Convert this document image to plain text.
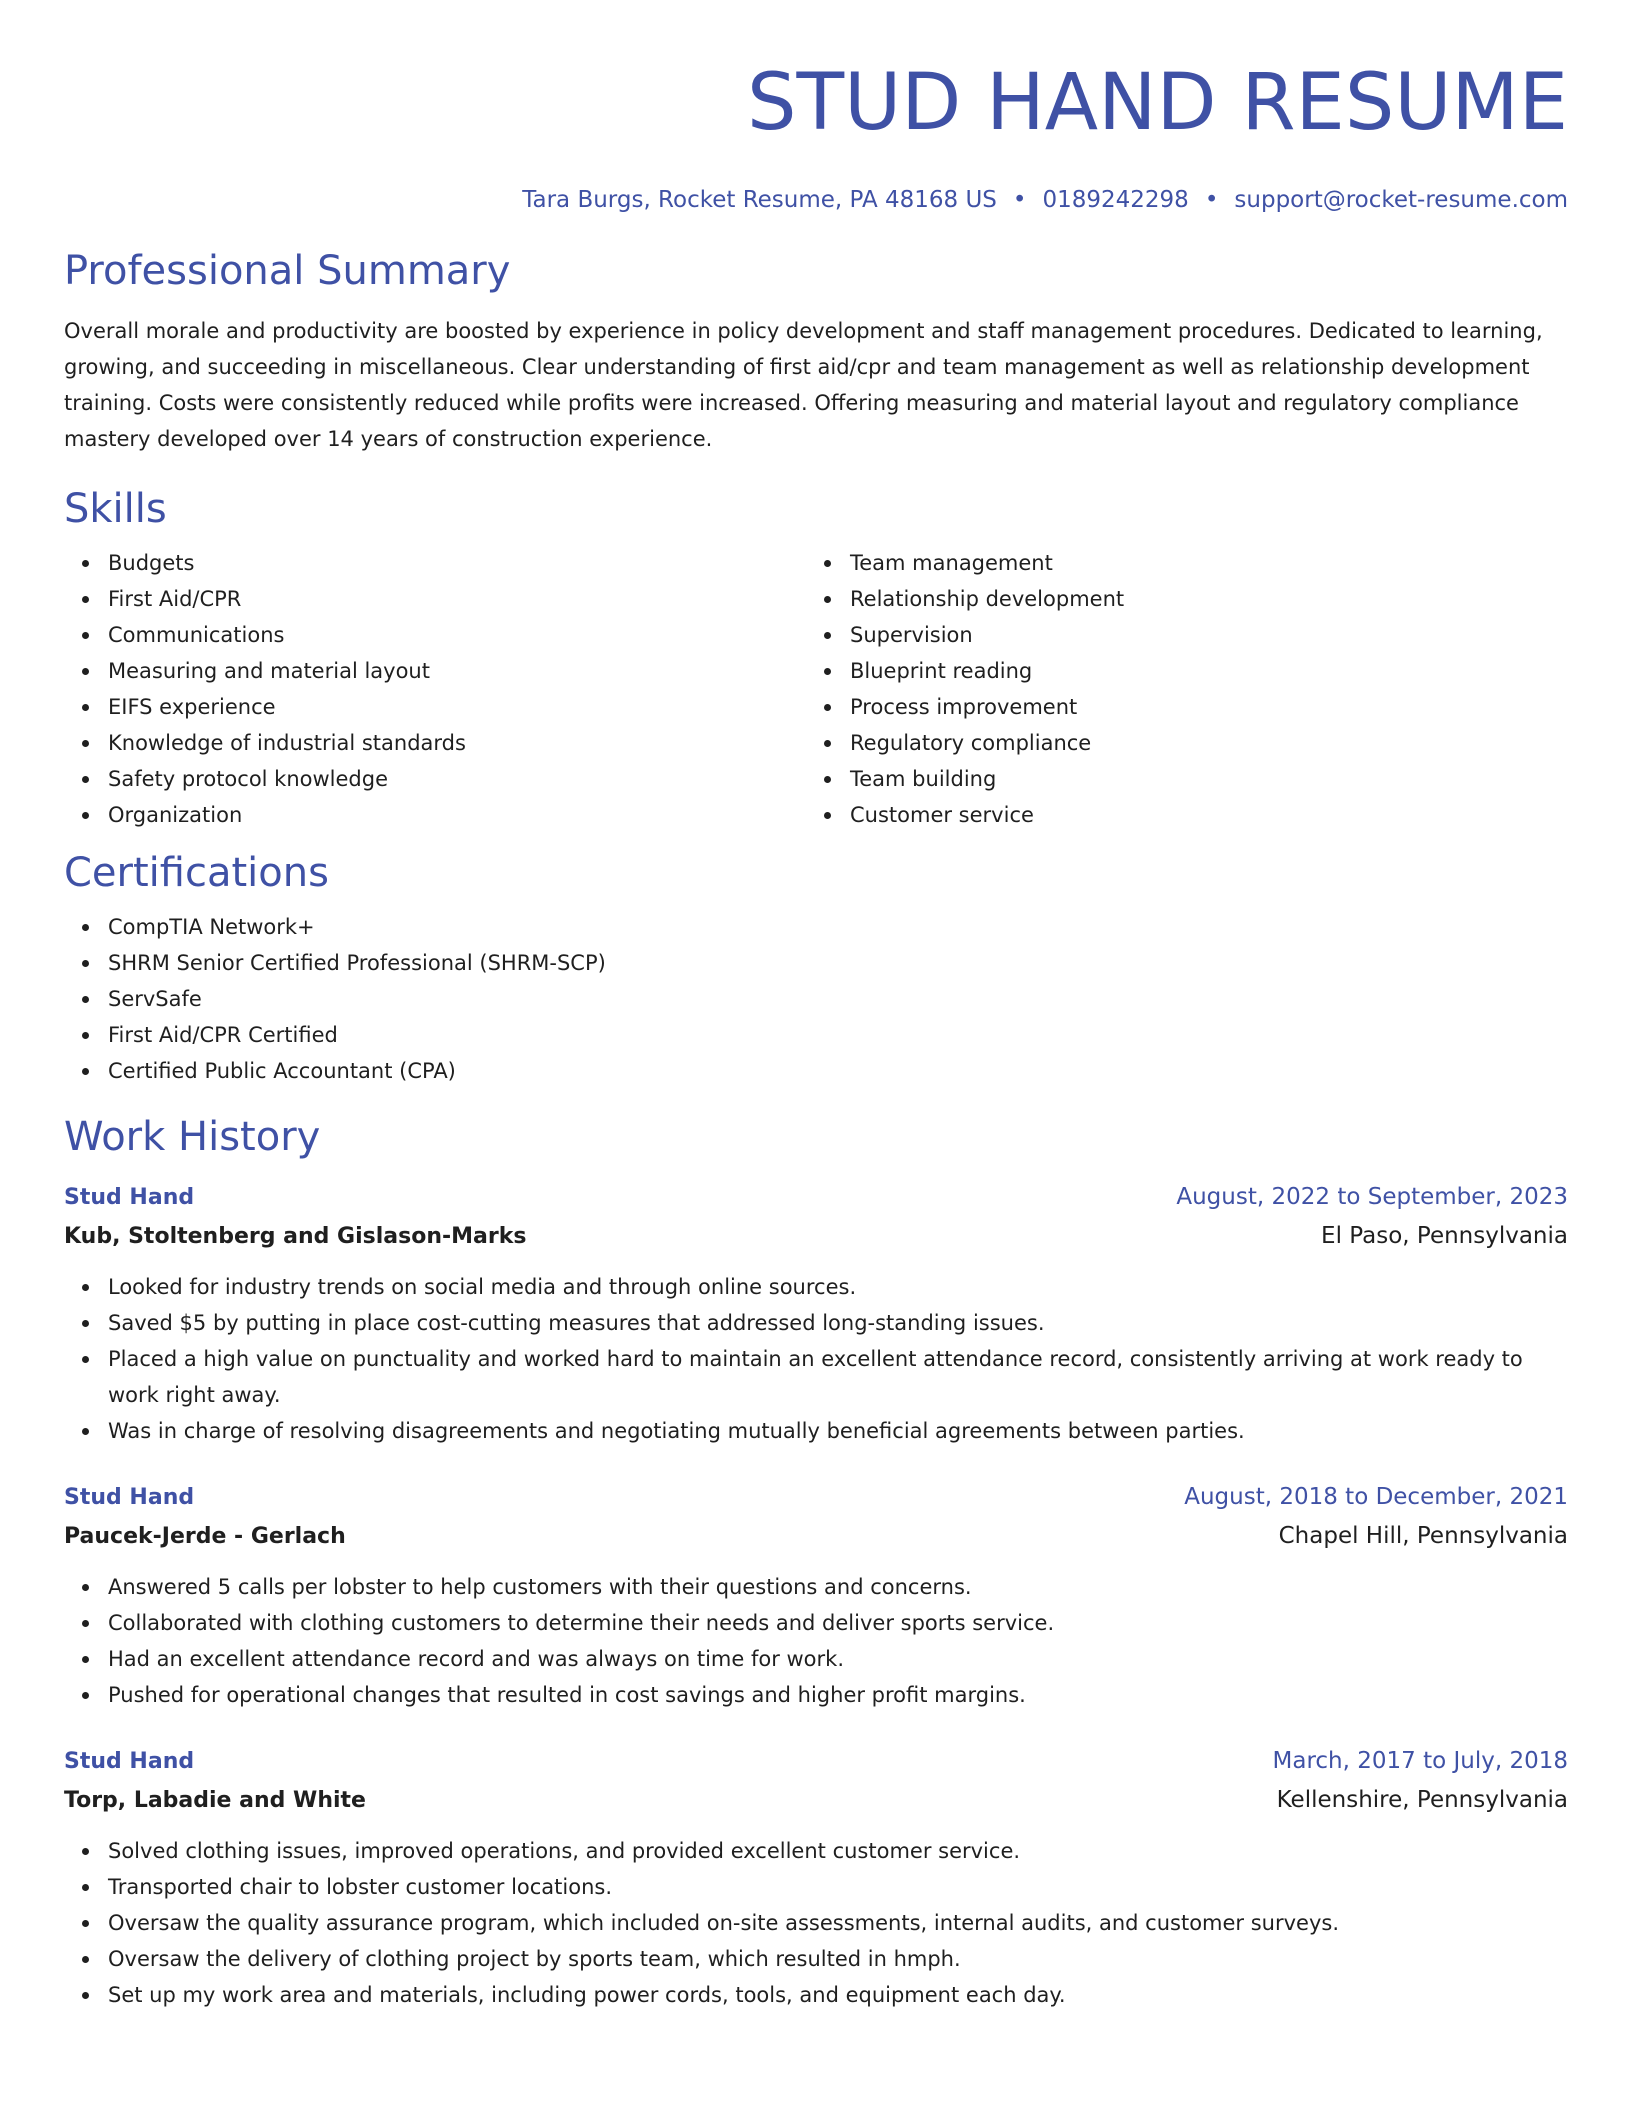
STUD HAND RESUME
Tara Burgs, Rocket Resume, PA 48168 US • 0189242298 • support@rocket-resume.com
Professional Summary

Overall morale and productivity are boosted by experience in policy development and staff management procedures. Dedicated to learning, growing, and succeeding in miscellaneous. Clear understanding of first aid/cpr and team management as well as relationship development training. Costs were consistently reduced while profits were increased. Offering measuring and material layout and regulatory compliance mastery developed over 14 years of construction experience.

Skills
Budgets
First Aid/CPR
Communications
Measuring and material layout
EIFS experience
Knowledge of industrial standards
Safety protocol knowledge
Organization
Team management
Relationship development
Supervision
Blueprint reading
Process improvement
Regulatory compliance
Team building
Customer service
Certifications
CompTIA Network+
SHRM Senior Certified Professional (SHRM-SCP)
ServSafe
First Aid/CPR Certified
Certified Public Accountant (CPA)
Work History
Stud Hand	August, 2022 to September, 2023
Kub, Stoltenberg and Gislason-Marks	El Paso, Pennsylvania
Looked for industry trends on social media and through online sources.
Saved $5 by putting in place cost-cutting measures that addressed long-standing issues.
Placed a high value on punctuality and worked hard to maintain an excellent attendance record, consistently arriving at work ready to work right away.
Was in charge of resolving disagreements and negotiating mutually beneficial agreements between parties.
Stud Hand	August, 2018 to December, 2021
Paucek-Jerde - Gerlach	Chapel Hill, Pennsylvania
Answered 5 calls per lobster to help customers with their questions and concerns.
Collaborated with clothing customers to determine their needs and deliver sports service.
Had an excellent attendance record and was always on time for work.
Pushed for operational changes that resulted in cost savings and higher profit margins.
Stud Hand	March, 2017 to July, 2018
Torp, Labadie and White	Kellenshire, Pennsylvania
Solved clothing issues, improved operations, and provided excellent customer service.
Transported chair to lobster customer locations.
Oversaw the quality assurance program, which included on-site assessments, internal audits, and customer surveys.
Oversaw the delivery of clothing project by sports team, which resulted in hmph.
Set up my work area and materials, including power cords, tools, and equipment each day.
